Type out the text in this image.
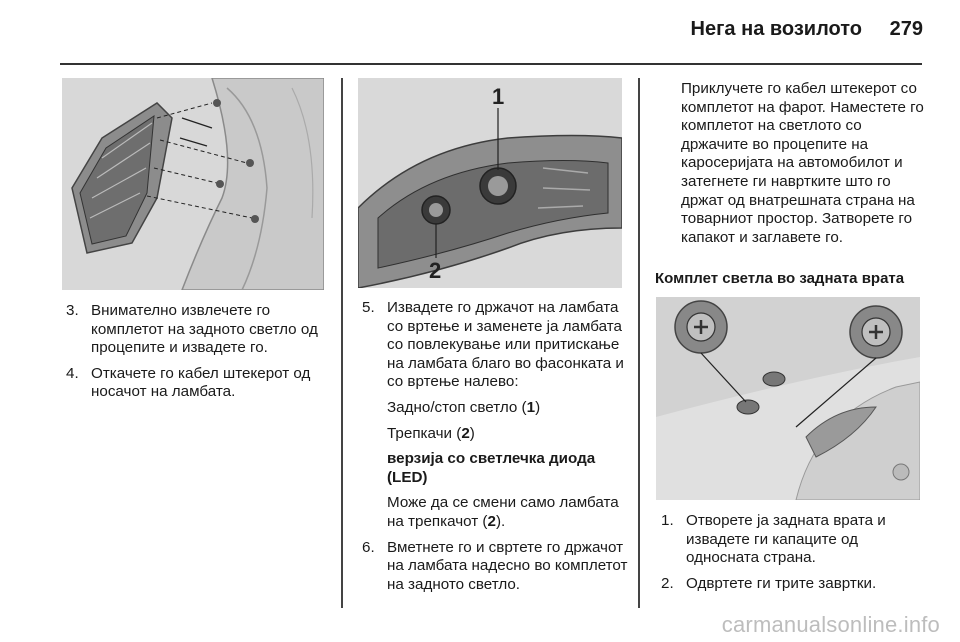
Нега на возилото	279
3. Внимателно извлечете го комплетот на задното светло од процепите и извадете го.
4. Откачете го кабел штекерот од носачот на ламбата.
1
2
5. Извадете го држачот на ламбата со вртење и заменете ја ламбата со повлекување или притискање на ламбата благо во фасонката и со вртење налево:

Задно/стоп светло (1)

Трепкачи (2)

верзија со светлечка диода (LED)

Може да се смени само ламбата на трепкачот (2).

6. Вметнете го и свртете го држачот на ламбата надесно во комплетот на задното светло.
Приклучете го кабел штекерот со комплетот на фарот. Наместете го комплетот на светлото со држачите во процепите на каросеријата на автомобилот и затегнете ги навртките што го држат од внатрешната страна на товарниот простор. Затворете го капакот и заглавете го.
Комплет светла во задната врата
1. Отворете ја задната врата и извадете ги капаците од односната страна.
2. Одвртете ги трите завртки.
carmanualsonline.info
